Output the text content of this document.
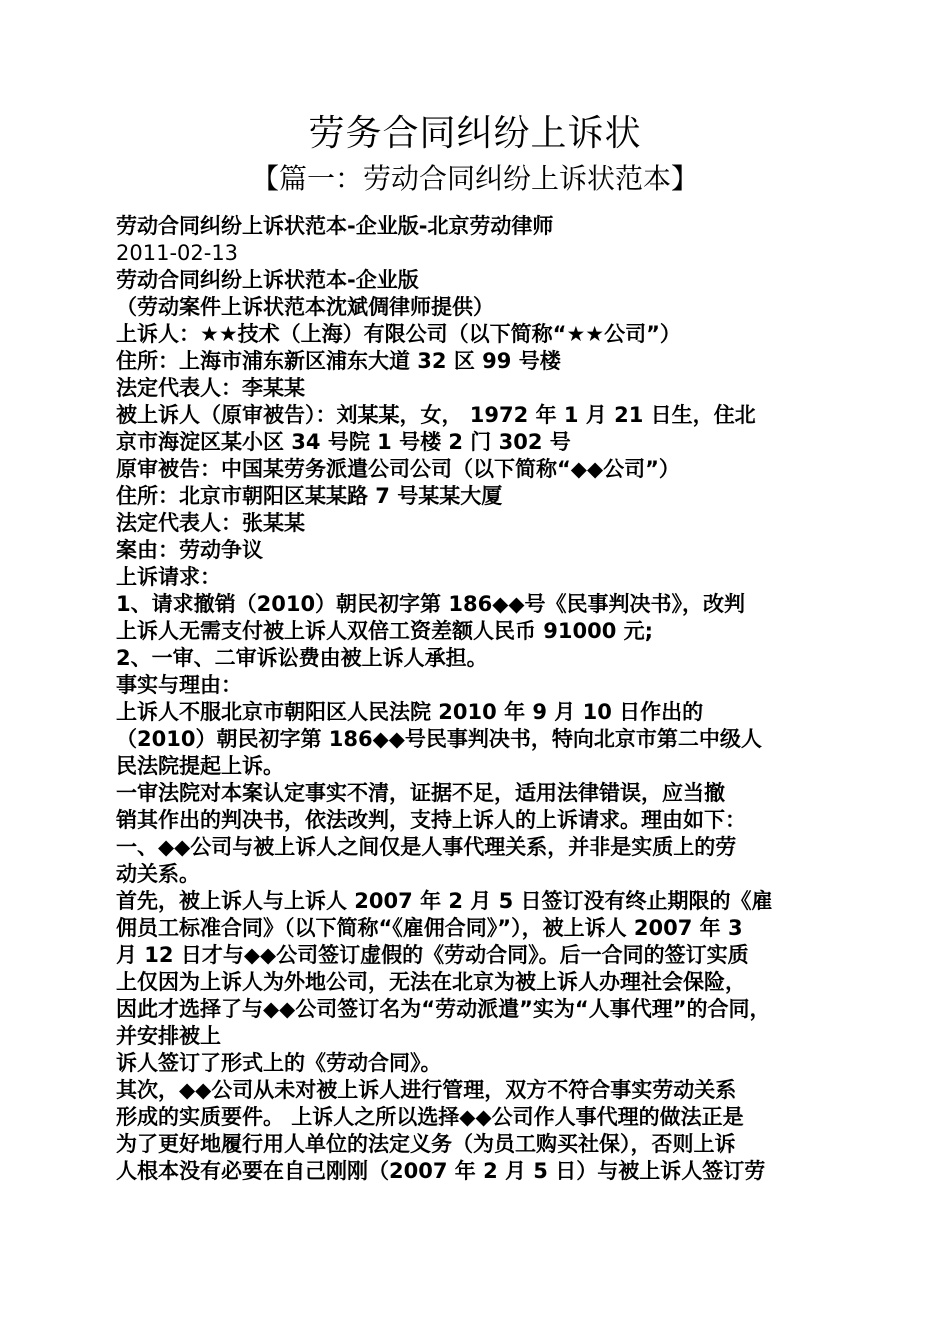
劳务合同纠纷上诉状
【篇一：劳动合同纠纷上诉状范本】
劳动合同纠纷上诉状范本-企业版-北京劳动律师
2011-02-13
劳动合同纠纷上诉状范本-企业版
（劳动案件上诉状范本沈斌倜律师提供）
上诉人：★★技术（上海）有限公司（以下简称“★★公司”）
住所：上海市浦东新区浦东大道 32 区 99 号楼
法定代表人：李某某
被上诉人（原审被告）：刘某某，女， 1972 年 1 月 21 日生，住北
京市海淀区某小区 34 号院 1 号楼 2 门 302 号
原审被告：中国某劳务派遣公司公司（以下简称“◆◆公司”）
住所：北京市朝阳区某某路 7 号某某大厦
法定代表人：张某某
案由：劳动争议
上诉请求：
1、请求撤销（2010）朝民初字第 186◆◆号《民事判决书》，改判
上诉人无需支付被上诉人双倍工资差额人民币 91000 元;
2、一审、二审诉讼费由被上诉人承担。
事实与理由：
上诉人不服北京市朝阳区人民法院 2010 年 9 月 10 日作出的
（2010）朝民初字第 186◆◆号民事判决书，特向北京市第二中级人
民法院提起上诉。
一审法院对本案认定事实不清，证据不足，适用法律错误，应当撤
销其作出的判决书，依法改判，支持上诉人的上诉请求。理由如下：
一、◆◆公司与被上诉人之间仅是人事代理关系，并非是实质上的劳
动关系。
首先，被上诉人与上诉人 2007 年 2 月 5 日签订没有终止期限的《雇
佣员工标准合同》（以下简称“《雇佣合同》”），被上诉人 2007 年 3
月 12 日才与◆◆公司签订虚假的《劳动合同》。后一合同的签订实质
上仅因为上诉人为外地公司，无法在北京为被上诉人办理社会保险，
因此才选择了与◆◆公司签订名为“劳动派遣”实为“人事代理”的合同，
并安排被上
诉人签订了形式上的《劳动合同》。
其次，◆◆公司从未对被上诉人进行管理，双方不符合事实劳动关系
形成的实质要件。 上诉人之所以选择◆◆公司作人事代理的做法正是
为了更好地履行用人单位的法定义务（为员工购买社保），否则上诉
人根本没有必要在自己刚刚（2007 年 2 月 5 日）与被上诉人签订劳
